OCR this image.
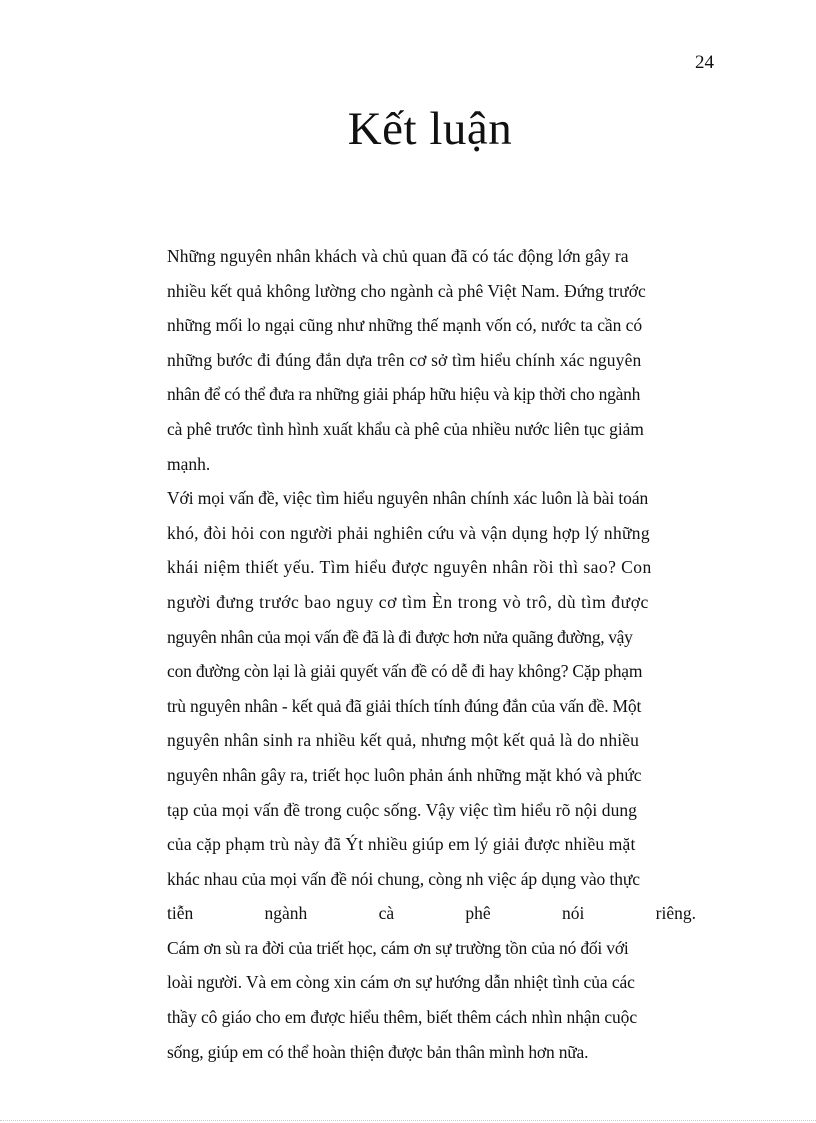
24
Kết luận

Những nguyên nhân khách và chủ quan đã có tác động lớn gây ra

nhiều kết quả không lường cho ngành cà phê Việt Nam. Đứng trước

những mối lo ngại cũng như những thế mạnh vốn có, nước ta cần có

những bước đi đúng đắn dựa trên cơ sở tìm hiểu chính xác nguyên

nhân để có thể đưa ra những giải pháp hữu hiệu và kịp thời cho ngành

cà phê trước tình hình xuất khẩu cà phê của nhiều nước liên tục giảm

mạnh.

Với mọi vấn đề, việc tìm hiểu nguyên nhân chính xác luôn là bài toán

khó, đòi hỏi con người phải nghiên cứu và vận dụng hợp lý những

khái niệm thiết yếu. Tìm hiểu được nguyên nhân rồi thì sao? Con

người đưng trước bao nguy cơ tìm Èn trong vò trô, dù tìm được

nguyên nhân của mọi vấn đề đã là đi được hơn nửa quãng đường, vậy

con đường còn lại là giải quyết vấn đề có dễ đi hay không? Cặp phạm

trù nguyên nhân - kết quả đã giải thích tính đúng đắn của vấn đề. Một

nguyên nhân sinh ra nhiều kết quả, nhưng một kết quả là do nhiều

nguyên nhân gây ra, triết học luôn phản ánh những mặt khó và phức

tạp của mọi vấn đề trong cuộc sống. Vậy việc tìm hiểu rõ nội dung

của cặp phạm trù này đã Ýt nhiều giúp em lý giải được nhiều mặt

khác nhau của mọi vấn đề nói chung, còng nh việc áp dụng vào thực

tiễn	ngành	cà	phê	nói	riêng.

Cám ơn sù ra đời của triết học, cám ơn sự trường tồn của nó đối với

loài người. Và em còng xin cám ơn sự hướng dẫn nhiệt tình của các

thầy cô giáo cho em được hiểu thêm, biết thêm cách nhìn nhận cuộc

sống, giúp em có thể hoàn thiện được bản thân mình hơn nữa.
